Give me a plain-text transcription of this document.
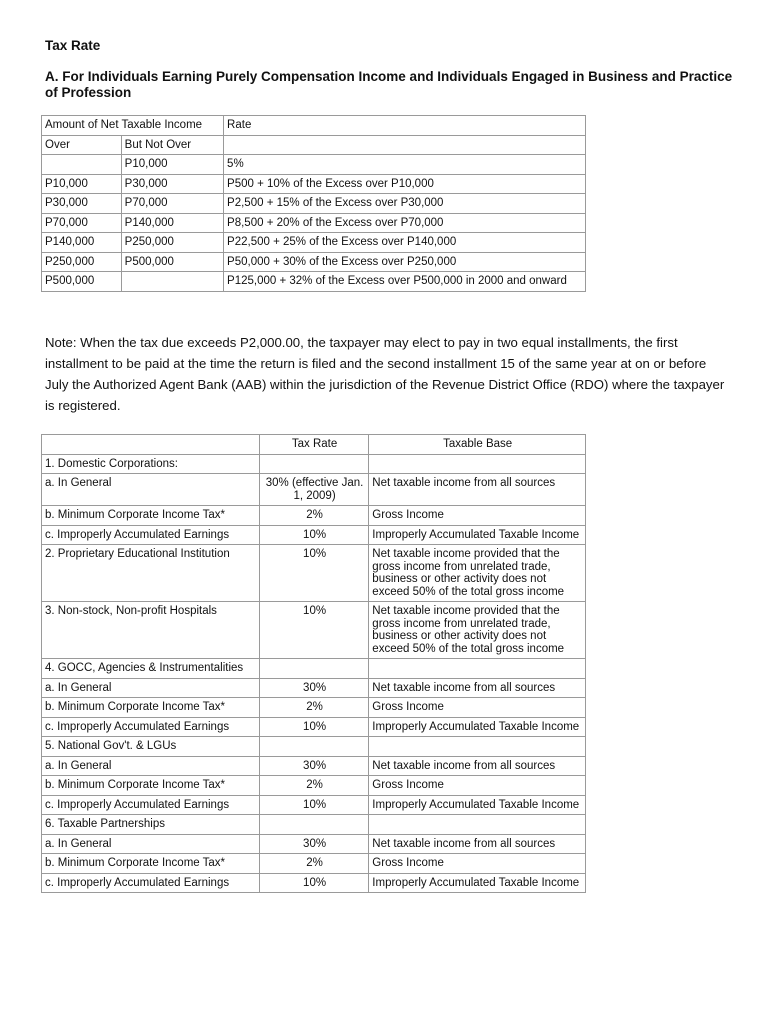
Tax Rate
A. For Individuals Earning Purely Compensation Income and Individuals Engaged in Business and Practice of Profession
Amount of Net Taxable Income		Rate
Over	But Not Over	
	P10,000	5%
P10,000	P30,000	P500 + 10% of the Excess over P10,000
P30,000	P70,000	P2,500 + 15% of the Excess over P30,000
P70,000	P140,000	P8,500 + 20% of the Excess over P70,000
P140,000	P250,000	P22,500 + 25% of the Excess over P140,000
P250,000	P500,000	P50,000 + 30% of the Excess over P250,000
P500,000		P125,000 + 32% of the Excess over P500,000 in 2000 and onward
Note: When the tax due exceeds P2,000.00, the taxpayer may elect to pay in two equal installments, the first installment to be paid at the time the return is filed and the second installment 15 of the same year at on or before July the Authorized Agent Bank (AAB) within the jurisdiction of the Revenue District Office (RDO) where the taxpayer is registered.
	Tax Rate	Taxable Base
1. Domestic Corporations:		
a. In General	30% (effective Jan. 1, 2009)	Net taxable income from all sources
b. Minimum Corporate Income Tax*	2%	Gross Income
c. Improperly Accumulated Earnings	10%	Improperly Accumulated Taxable Income
2. Proprietary Educational Institution	10%	Net taxable income provided that the gross income from unrelated trade, business or other activity does not exceed 50% of the total gross income
3. Non-stock, Non-profit Hospitals	10%	Net taxable income provided that the gross income from unrelated trade, business or other activity does not exceed 50% of the total gross income
4. GOCC, Agencies & Instrumentalities		
a. In General	30%	Net taxable income from all sources
b. Minimum Corporate Income Tax*	2%	Gross Income
c. Improperly Accumulated Earnings	10%	Improperly Accumulated Taxable Income
5. National Gov't. & LGUs		
a. In General	30%	Net taxable income from all sources
b. Minimum Corporate Income Tax*	2%	Gross Income
c. Improperly Accumulated Earnings	10%	Improperly Accumulated Taxable Income
6. Taxable Partnerships		
a. In General	30%	Net taxable income from all sources
b. Minimum Corporate Income Tax*	2%	Gross Income
c. Improperly Accumulated Earnings	10%	Improperly Accumulated Taxable Income
